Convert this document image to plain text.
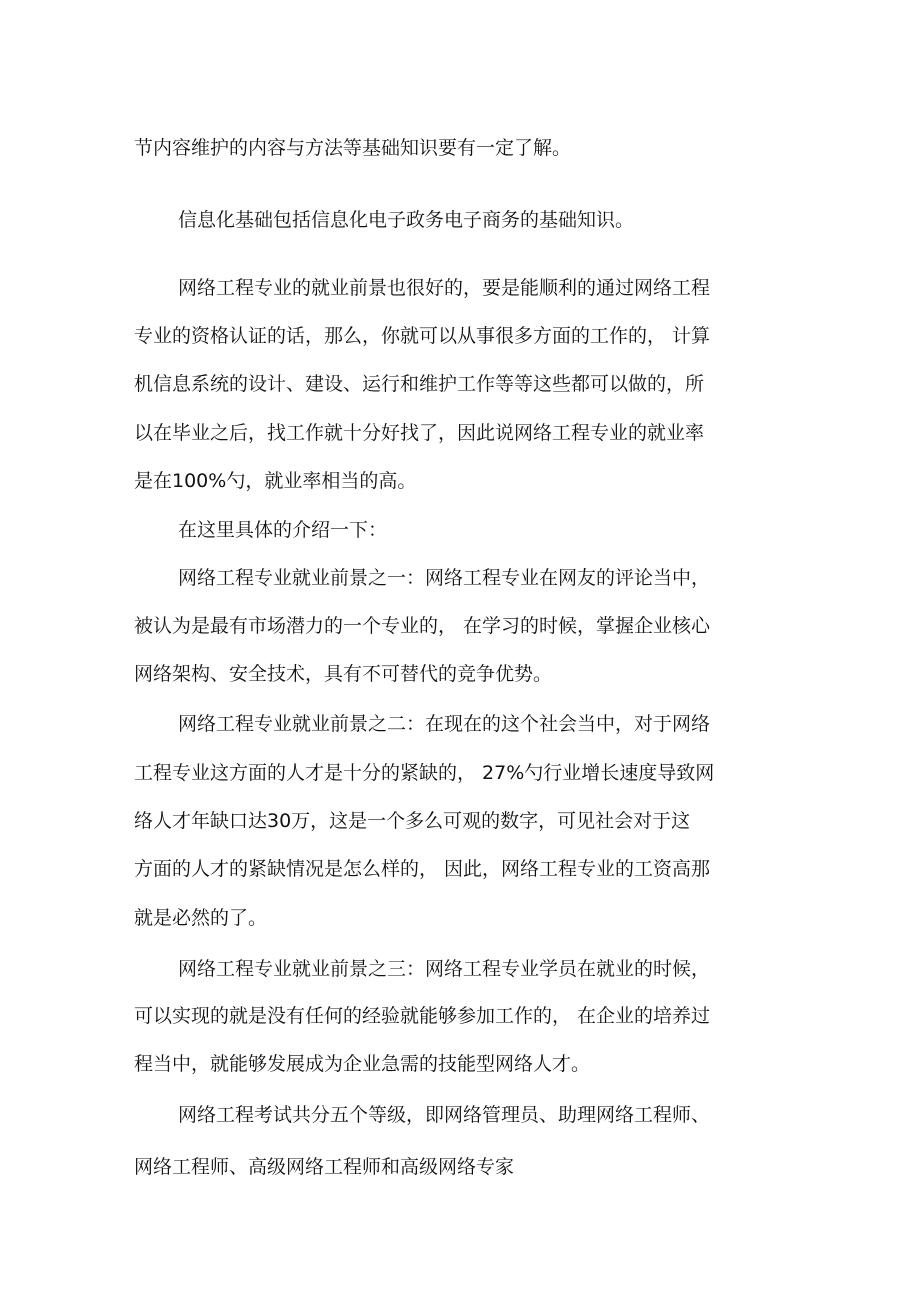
节内容维护的内容与方法等基础知识要有一定了解。
信息化基础包括信息化电子政务电子商务的基础知识。
网络工程专业的就业前景也很好的，要是能顺利的通过网络工程
专业的资格认证的话，那么，你就可以从事很多方面的工作的， 计算
机信息系统的设计、建设、运行和维护工作等等这些都可以做的，所
以在毕业之后，找工作就十分好找了，因此说网络工程专业的就业率
是在100%勺，就业率相当的高。
在这里具体的介绍一下：
网络工程专业就业前景之一：网络工程专业在网友的评论当中，
被认为是最有市场潜力的一个专业的， 在学习的时候，掌握企业核心
网络架构、安全技术，具有不可替代的竞争优势。
网络工程专业就业前景之二：在现在的这个社会当中，对于网络
工程专业这方面的人才是十分的紧缺的， 27%勺行业增长速度导致网
络人才年缺口达30万，这是一个多么可观的数字，可见社会对于这
方面的人才的紧缺情况是怎么样的， 因此，网络工程专业的工资高那
就是必然的了。
网络工程专业就业前景之三：网络工程专业学员在就业的时候，
可以实现的就是没有任何的经验就能够参加工作的， 在企业的培养过
程当中，就能够发展成为企业急需的技能型网络人才。
网络工程考试共分五个等级，即网络管理员、助理网络工程师、
网络工程师、高级网络工程师和高级网络专家
